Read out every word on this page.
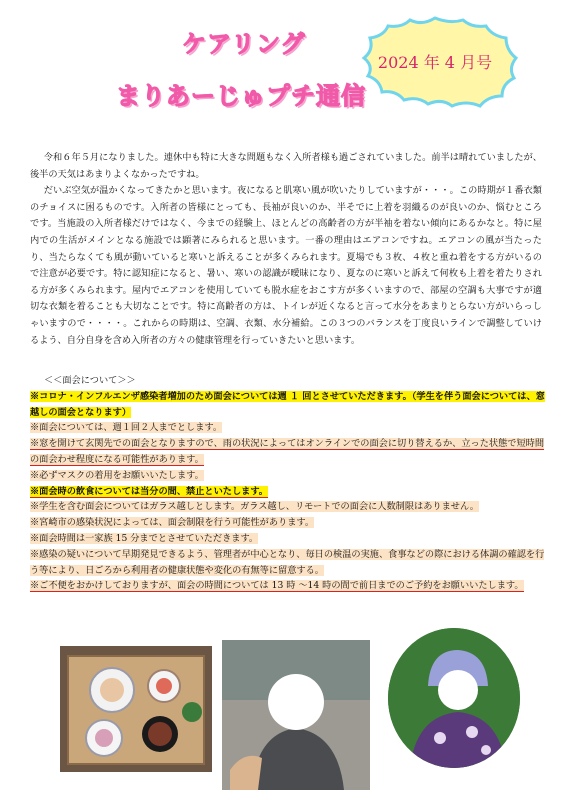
ケアリング
まりあーじゅプチ通信
2024 年 4 月号

令和６年５月になりました。連休中も特に大きな問題もなく入所者様も過ごされていました。前半は晴れていましたが、後半の天気はあまりよくなかったですね。

だいぶ空気が温かくなってきたかと思います。夜になると肌寒い風が吹いたりしていますが・・・。この時期が１番衣類のチョイスに困るものです。入所者の皆様にとっても、長袖が良いのか、半そでに上着を羽織るのが良いのか、悩むところです。当施設の入所者様だけではなく、今までの経験上、ほとんどの高齢者の方が半袖を着ない傾向にあるかなと。特に屋内での生活がメインとなる施設では顕著にみられると思います。一番の理由はエアコンですね。エアコンの風が当たったり、当たらなくても風が動いていると寒いと訴えることが多くみられます。夏場でも３枚、４枚と重ね着をする方がいるので注意が必要です。特に認知症になると、暑い、寒いの認識が曖昧になり、夏なのに寒いと訴えて何枚も上着を着たりされる方が多くみられます。屋内でエアコンを使用していても脱水症をおこす方が多くいますので、部屋の空調も大事ですが適切な衣類を着ることも大切なことです。特に高齢者の方は、トイレが近くなると言って水分をあまりとらない方がいらっしゃいますので・・・・。これからの時期は、空調、衣類、水分補給。この３つのバランスを丁度良いラインで調整していけるよう、自分自身を含め入所者の方々の健康管理を行っていきたいと思います。

＜＜面会について＞＞
※コロナ・インフルエンザ感染者増加のため面会については週 １ 回とさせていただきます。（学生を伴う面会については、窓越しの面会となります）
※面会については、週１回２人までとします。
※窓を開けて玄関先での面会となりますので、雨の状況によってはオンラインでの面会に切り替えるか、立った状態で短時間の面会わせ程度になる可能性があります。
※必ずマスクの着用をお願いいたします。
※面会時の飲食については当分の間、禁止といたします。
※学生を含む面会についてはガラス越しとします。ガラス越し、リモートでの面会に人数制限はありません。
※宮崎市の感染状況によっては、面会制限を行う可能性があります。
※面会時間は一家族 15 分までとさせていただきます。
※感染の疑いについて早期発見できるよう、管理者が中心となり、毎日の検温の実施、食事などの際における体調の確認を行う等により、日ごろから利用者の健康状態や変化の有無等に留意する。
※ご不便をおかけしておりますが、面会の時間については 13 時 ～14 時の間で前日までのご予約をお願いいたします。
